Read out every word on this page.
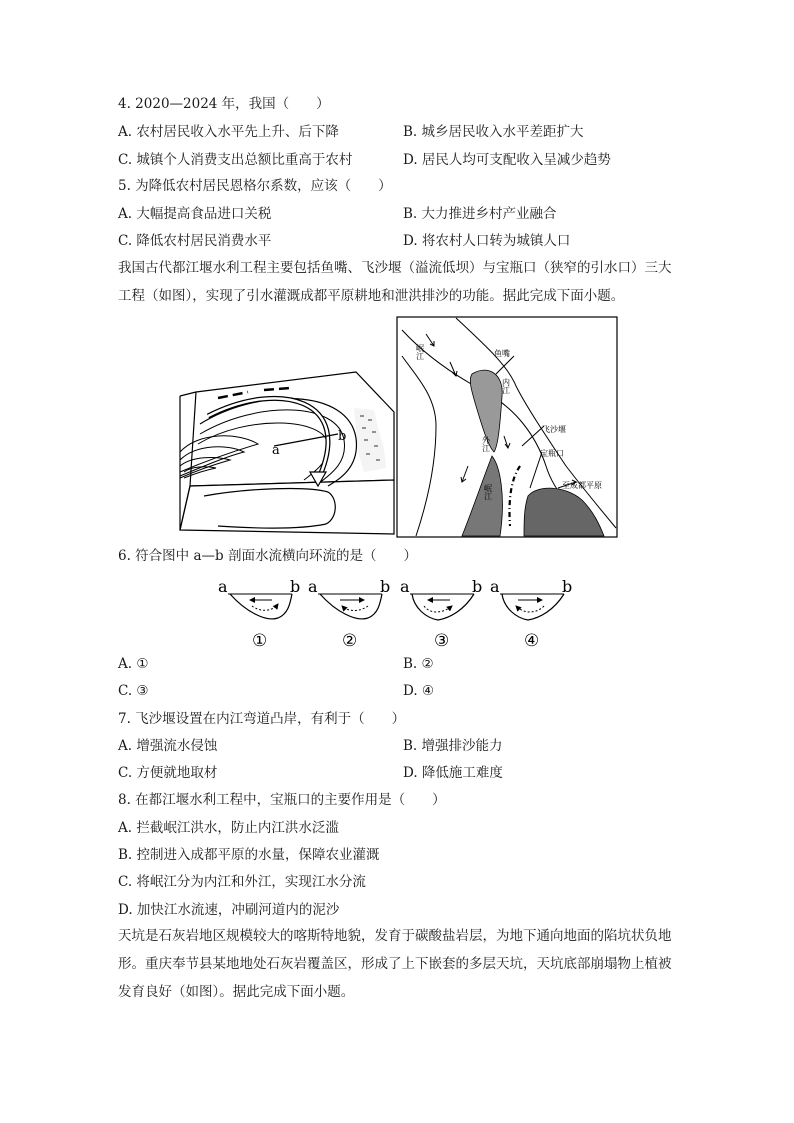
4. 2020—2024 年，我国（　　）
A. 农村居民收入水平先上升、后下降	B. 城乡居民收入水平差距扩大
C. 城镇个人消费支出总额比重高于农村	D. 居民人均可支配收入呈减少趋势
5. 为降低农村居民恩格尔系数，应该（　　）
A. 大幅提高食品进口关税	B. 大力推进乡村产业融合
C. 降低农村居民消费水平	D. 将农村人口转为城镇人口
我国古代都江堰水利工程主要包括鱼嘴、飞沙堰（溢流低坝）与宝瓶口（狭窄的引水口）三大工程（如图），实现了引水灌溉成都平原耕地和泄洪排沙的功能。据此完成下面小题。
a
b
岷江	鱼嘴
内江
飞沙堰
宝瓶口
外江
岷江	至成都平原
6. 符合图中 a—b 剖面水流横向环流的是（　　）
a	b
①
a	b
②
a	b
③
a	b
④
A. ①	B. ②
C. ③	D. ④
7. 飞沙堰设置在内江弯道凸岸，有利于（　　）
A. 增强流水侵蚀	B. 增强排沙能力
C. 方便就地取材	D. 降低施工难度
8. 在都江堰水利工程中，宝瓶口的主要作用是（　　）
A. 拦截岷江洪水，防止内江洪水泛滥
B. 控制进入成都平原的水量，保障农业灌溉
C. 将岷江分为内江和外江，实现江水分流
D. 加快江水流速，冲刷河道内的泥沙
天坑是石灰岩地区规模较大的喀斯特地貌，发育于碳酸盐岩层，为地下通向地面的陷坑状负地形。重庆奉节县某地地处石灰岩覆盖区，形成了上下嵌套的多层天坑，天坑底部崩塌物上植被发育良好（如图）。据此完成下面小题。
